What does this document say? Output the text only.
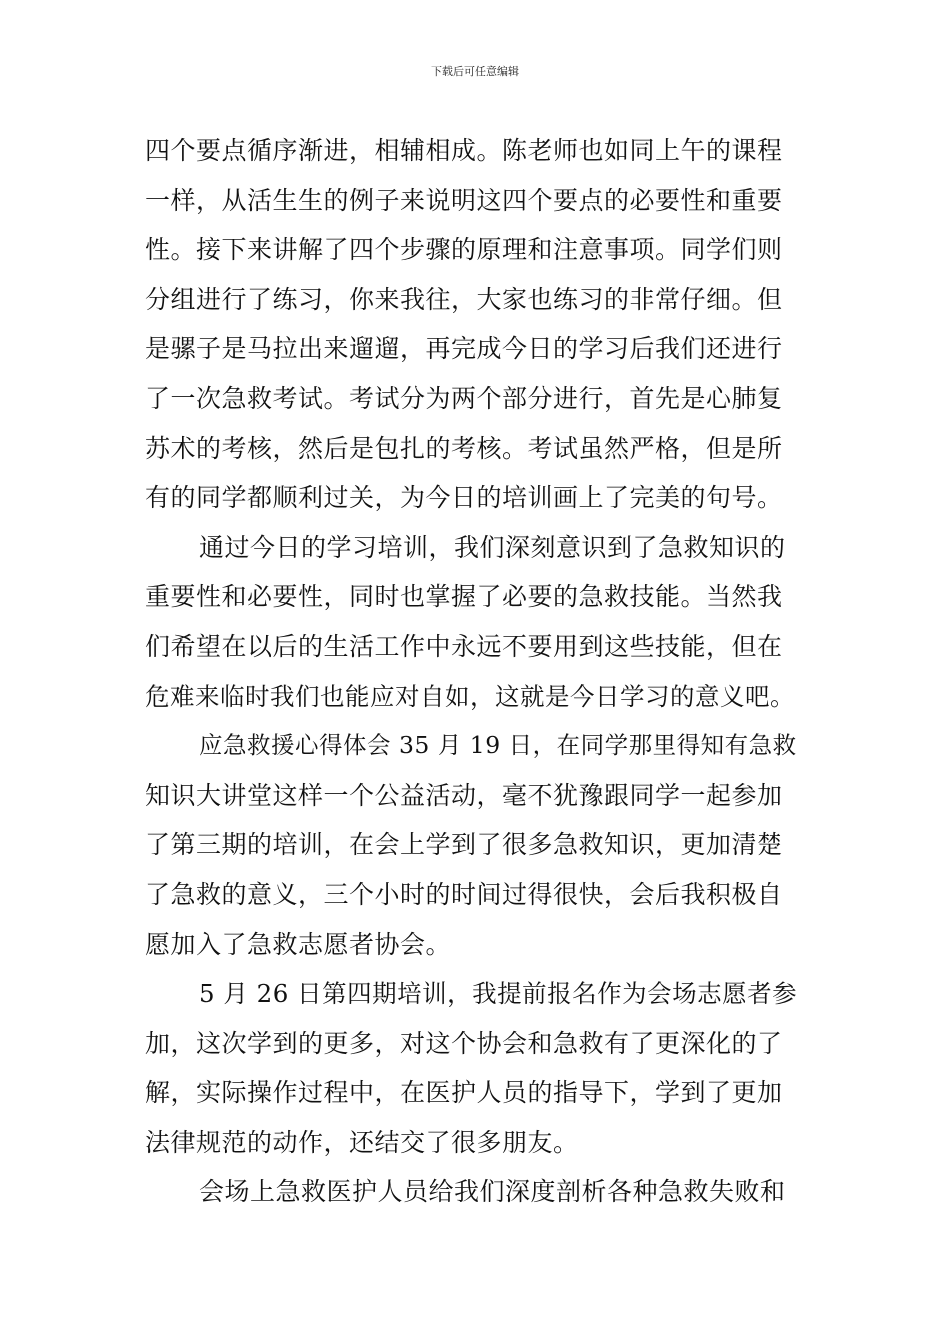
下载后可任意编辑
四个要点循序渐进，相辅相成。陈老师也如同上午的课程
一样，从活生生的例子来说明这四个要点的必要性和重要
性。接下来讲解了四个步骤的原理和注意事项。同学们则
分组进行了练习，你来我往，大家也练习的非常仔细。但
是骡子是马拉出来遛遛，再完成今日的学习后我们还进行
了一次急救考试。考试分为两个部分进行，首先是心肺复
苏术的考核，然后是包扎的考核。考试虽然严格，但是所
有的同学都顺利过关，为今日的培训画上了完美的句号。
通过今日的学习培训，我们深刻意识到了急救知识的
重要性和必要性，同时也掌握了必要的急救技能。当然我
们希望在以后的生活工作中永远不要用到这些技能，但在
危难来临时我们也能应对自如，这就是今日学习的意义吧。
应急救援心得体会 35 月 19 日，在同学那里得知有急救
知识大讲堂这样一个公益活动，毫不犹豫跟同学一起参加
了第三期的培训，在会上学到了很多急救知识，更加清楚
了急救的意义，三个小时的时间过得很快，会后我积极自
愿加入了急救志愿者协会。
5 月 26 日第四期培训，我提前报名作为会场志愿者参
加，这次学到的更多，对这个协会和急救有了更深化的了
解，实际操作过程中，在医护人员的指导下，学到了更加
法律规范的动作，还结交了很多朋友。
会场上急救医护人员给我们深度剖析各种急救失败和
